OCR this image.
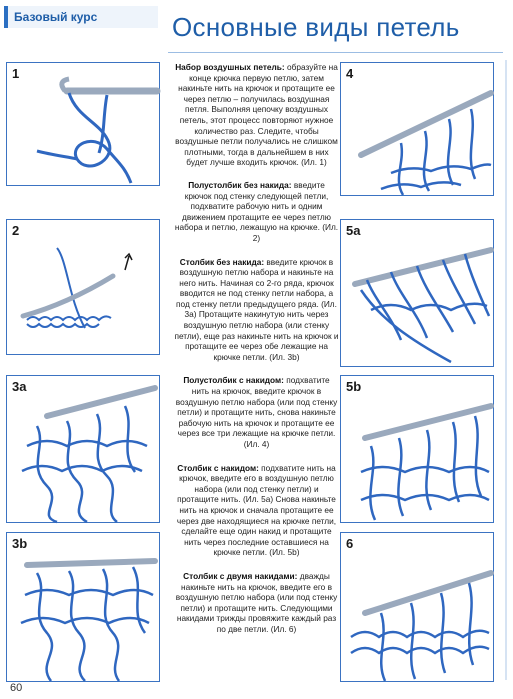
Базовый курс	Основные виды петель
1
2
3а
3b
4
5а
5b
6

Набор воздушных петель: образуйте на конце крючка первую петлю, затем накиньте нить на крючок и протащите ее через петлю – получилась воздушная петля. Выполняя цепочку воздушных петель, этот процесс повторяют нужное количество раз. Следите, чтобы воздушные петли получались не слишком плотными, тогда в дальнейшем в них будет лучше входить крючок. (Ил. 1)

Полустолбик без накида: введите крючок под стенку следующей петли, подхватите рабочую нить и одним движением протащите ее через петлю набора и петлю, лежащую на крючке. (Ил. 2)

Столбик без накида: введите крючок в воздушную петлю набора и накиньте на него нить. Начиная со 2-го ряда, крючок вводится не под стенку петли набора, а под стенку петли предыдущего ряда. (Ил. 3а) Протащите накинутую нить через воздушную петлю набора (или стенку петли), еще раз накиньте нить на крючок и протащите ее через обе лежащие на крючке петли. (Ил. 3b)

Полустолбик с накидом: подхватите нить на крючок, введите крючок в воздушную петлю набора (или под стенку петли) и протащите нить, снова накиньте рабочую нить на крючок и протащите ее через все три лежащие на крючке петли. (Ил. 4)

Столбик с накидом: подхватите нить на крючок, введите его в воздушную петлю набора (или под стенку петли) и протащите нить. (Ил. 5а) Снова накиньте нить на крючок и сначала протащите ее через две находящиеся на крючке петли, сделайте еще один накид и протащите нить через последние оставшиеся на крючке петли. (Ил. 5b)

Столбик с двумя накидами: дважды накиньте нить на крючок, введите его в воздушную петлю набора (или под стенку петли) и протащите нить. Следующими накидами трижды провяжите каждый раз по две петли. (Ил. 6)

60
